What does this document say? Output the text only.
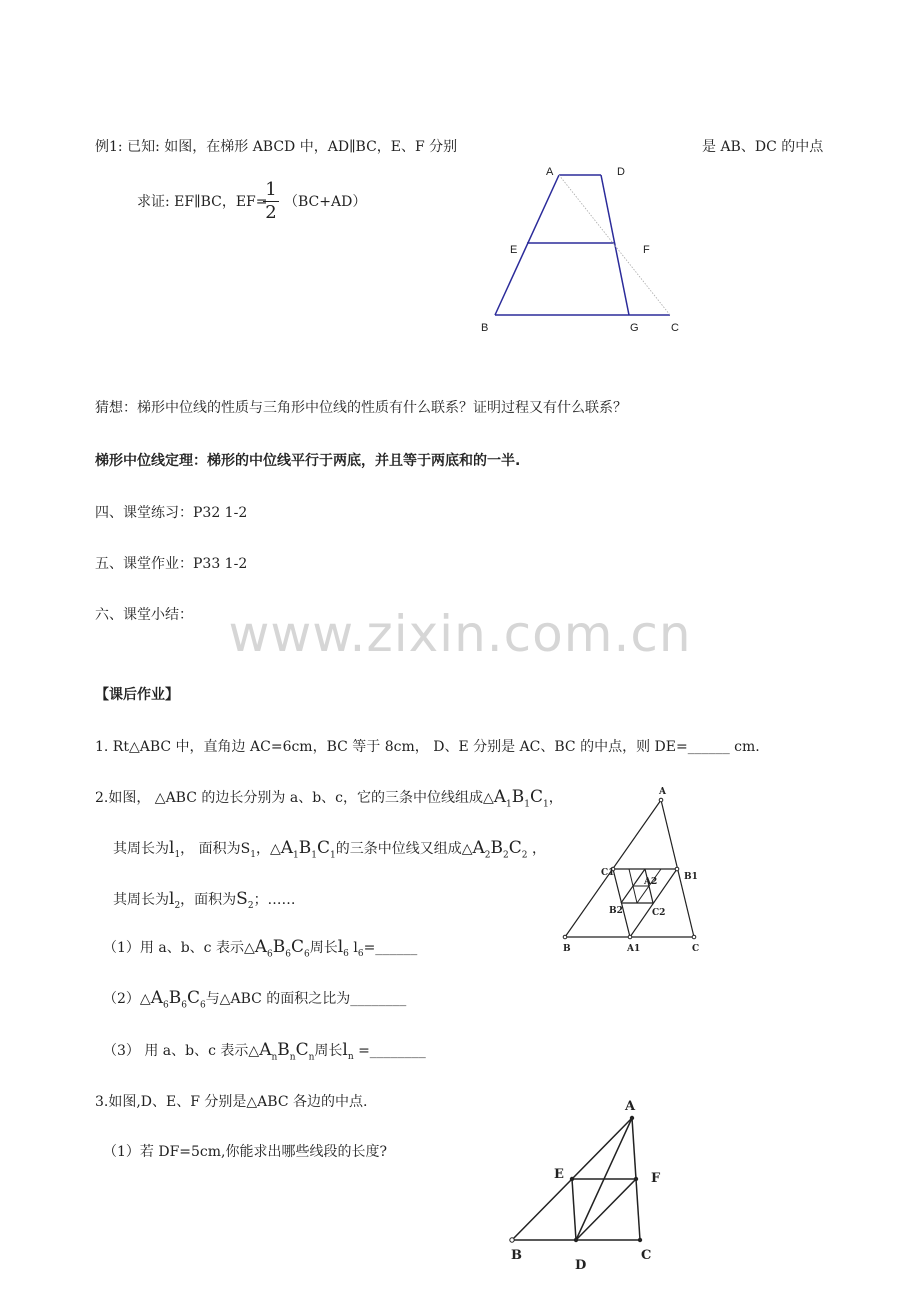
例1: 已知: 如图，在梯形 ABCD 中，AD∥BC，E、F 分别	是 AB、DC 的中点
求证: EF∥BC，EF=
1
2 （BC+AD）
A	D
E	F
B	G	C
猜想：梯形中位线的性质与三角形中位线的性质有什么联系？证明过程又有什么联系？
梯形中位线定理：梯形的中位线平行于两底，并且等于两底和的一半.
四、课堂练习：P32 1-2
五、课堂作业：P33 1-2
六、课堂小结： www.zixin.com.cn
【课后作业】
1. Rt△ABC 中，直角边 AC=6cm，BC 等于 8cm， D、E 分别是 AC、BC 的中点，则 DE=______ cm.
2.如图， △ABC 的边长分别为 a、b、c，它的三条中位线组成$\triangle A_1B_1C_1$，
其周长为$l_1$， 面积为$S_1$，$\triangle A_1B_1C_1$的三条中位线又组成$\triangle A_2B_2C_2$ ，
其周长为$l_2$，面积为$S_2$；……
（1）用 a、b、c 表示$\triangle A_6B_6C_6$周长$l_6$ $l_6=\_\_\_\_\_\_$
$(2)\triangle A_6B_6C_6$与△ABC 的面积之比为________
（3） 用 a、b、c 表示$\triangle A_nB_nC_n$周长$l_n$ =________
A
B	C
A1
B1
C1
A2
B2	C2
3.如图,D、E、F 分别是△ABC 各边的中点.
（1）若 DF=5cm,你能求出哪些线段的长度?
A
B	C
D
E	F
